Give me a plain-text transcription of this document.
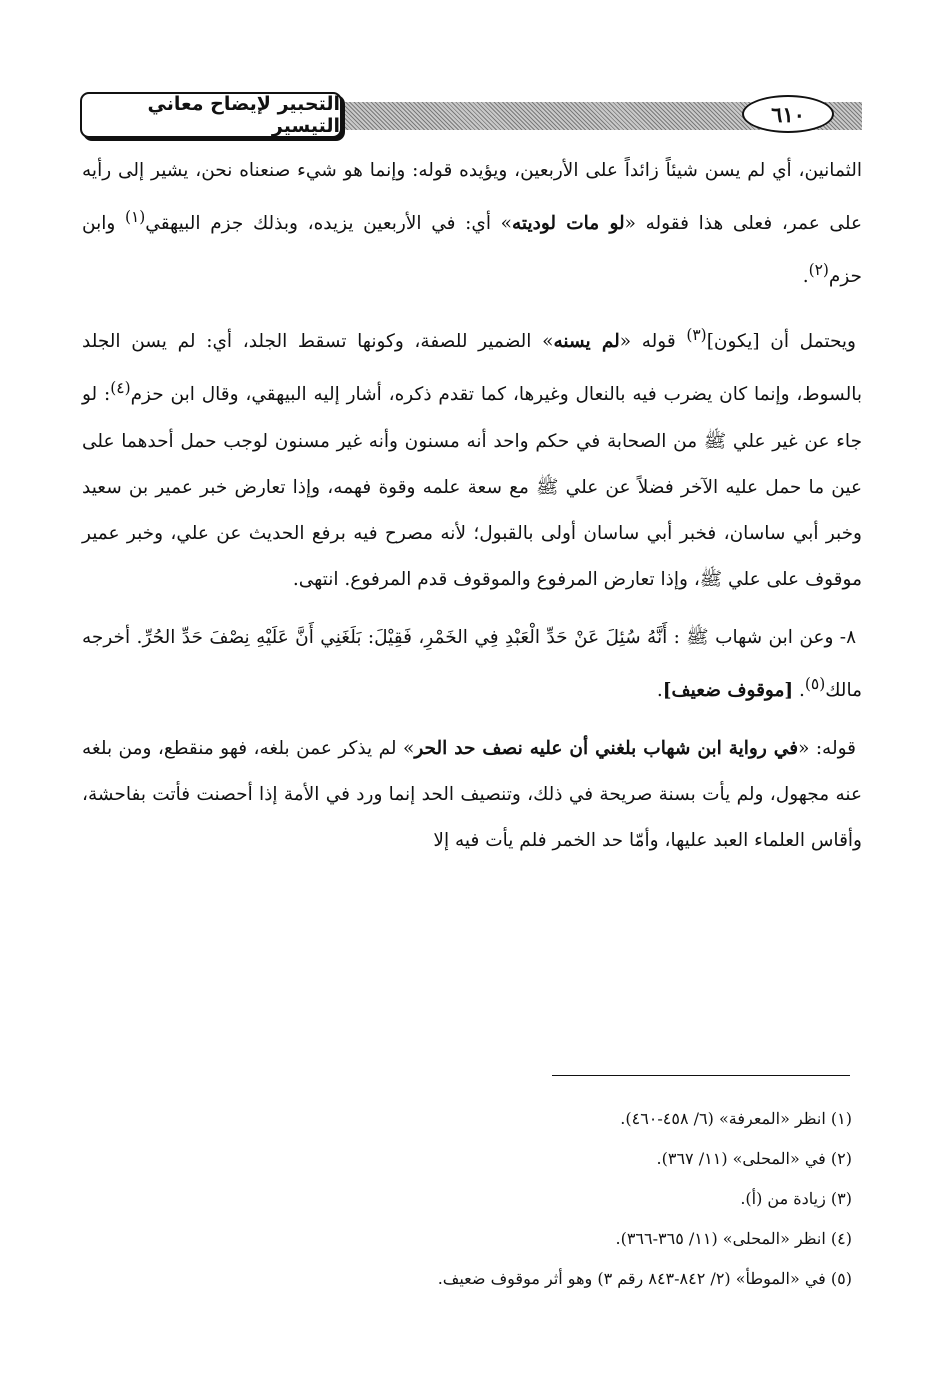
التحبير لإيضاح معاني التيسير	٦١٠

الثمانين، أي لم يسن شيئاً زائداً على الأربعين، ويؤيده قوله: وإنما هو شيء صنعناه نحن، يشير إلى رأيه على عمر، فعلى هذا فقوله «لو مات لوديته» أي: في الأربعين يزيده، وبذلك جزم البيهقي$^{(١)}$ وابن حزم$^{(٢)}$.

ويحتمل أن [يكون]$^{(٣)}$ قوله «لم يسنه» الضمير للصفة، وكونها تسقط الجلد، أي: لم يسن الجلد بالسوط، وإنما كان يضرب فيه بالنعال وغيرها، كما تقدم ذكره، أشار إليه البيهقي، وقال ابن حزم$^{(٤)}$: لو جاء عن غير علي ﷺ من الصحابة في حكم واحد أنه مسنون وأنه غير مسنون لوجب حمل أحدهما على عين ما حمل عليه الآخر فضلاً عن علي ﷺ مع سعة علمه وقوة فهمه، وإذا تعارض خبر عمير بن سعيد وخبر أبي ساسان، فخبر أبي ساسان أولى بالقبول؛ لأنه مصرح فيه برفع الحديث عن علي، وخبر عمير موقوف على علي ﷺ، وإذا تعارض المرفوع والموقوف قدم المرفوع. انتهى.

٨- وعن ابن شهاب ﷺ : أَنَّهُ سُئِلَ عَنْ حَدِّ الْعَبْدِ فِي الخَمْرِ، فَقِيْلَ: بَلَغَنِي أَنَّ عَلَيْهِ نِصْفَ حَدِّ الحُرِّ. أخرجه مالك$^{(٥)}$. [موقوف ضعيف].

قوله: «في رواية ابن شهاب بلغني أن عليه نصف حد الحر» لم يذكر عمن بلغه، فهو منقطع، ومن بلغه عنه مجهول، ولم يأت بسنة صريحة في ذلك، وتنصيف الحد إنما ورد في الأمة إذا أحصنت فأتت بفاحشة، وأقاس العلماء العبد عليها، وأمّا حد الخمر فلم يأت فيه إلا

(١) انظر «المعرفة» (٦/ ٤٥٨-٤٦٠).

(٢) في «المحلى» (١١/ ٣٦٧).

(٣) زيادة من (أ).

(٤) انظر «المحلى» (١١/ ٣٦٥-٣٦٦).

(٥) في «الموطأ» (٢/ ٨٤٢-٨٤٣ رقم ٣) وهو أثر موقوف ضعيف.
